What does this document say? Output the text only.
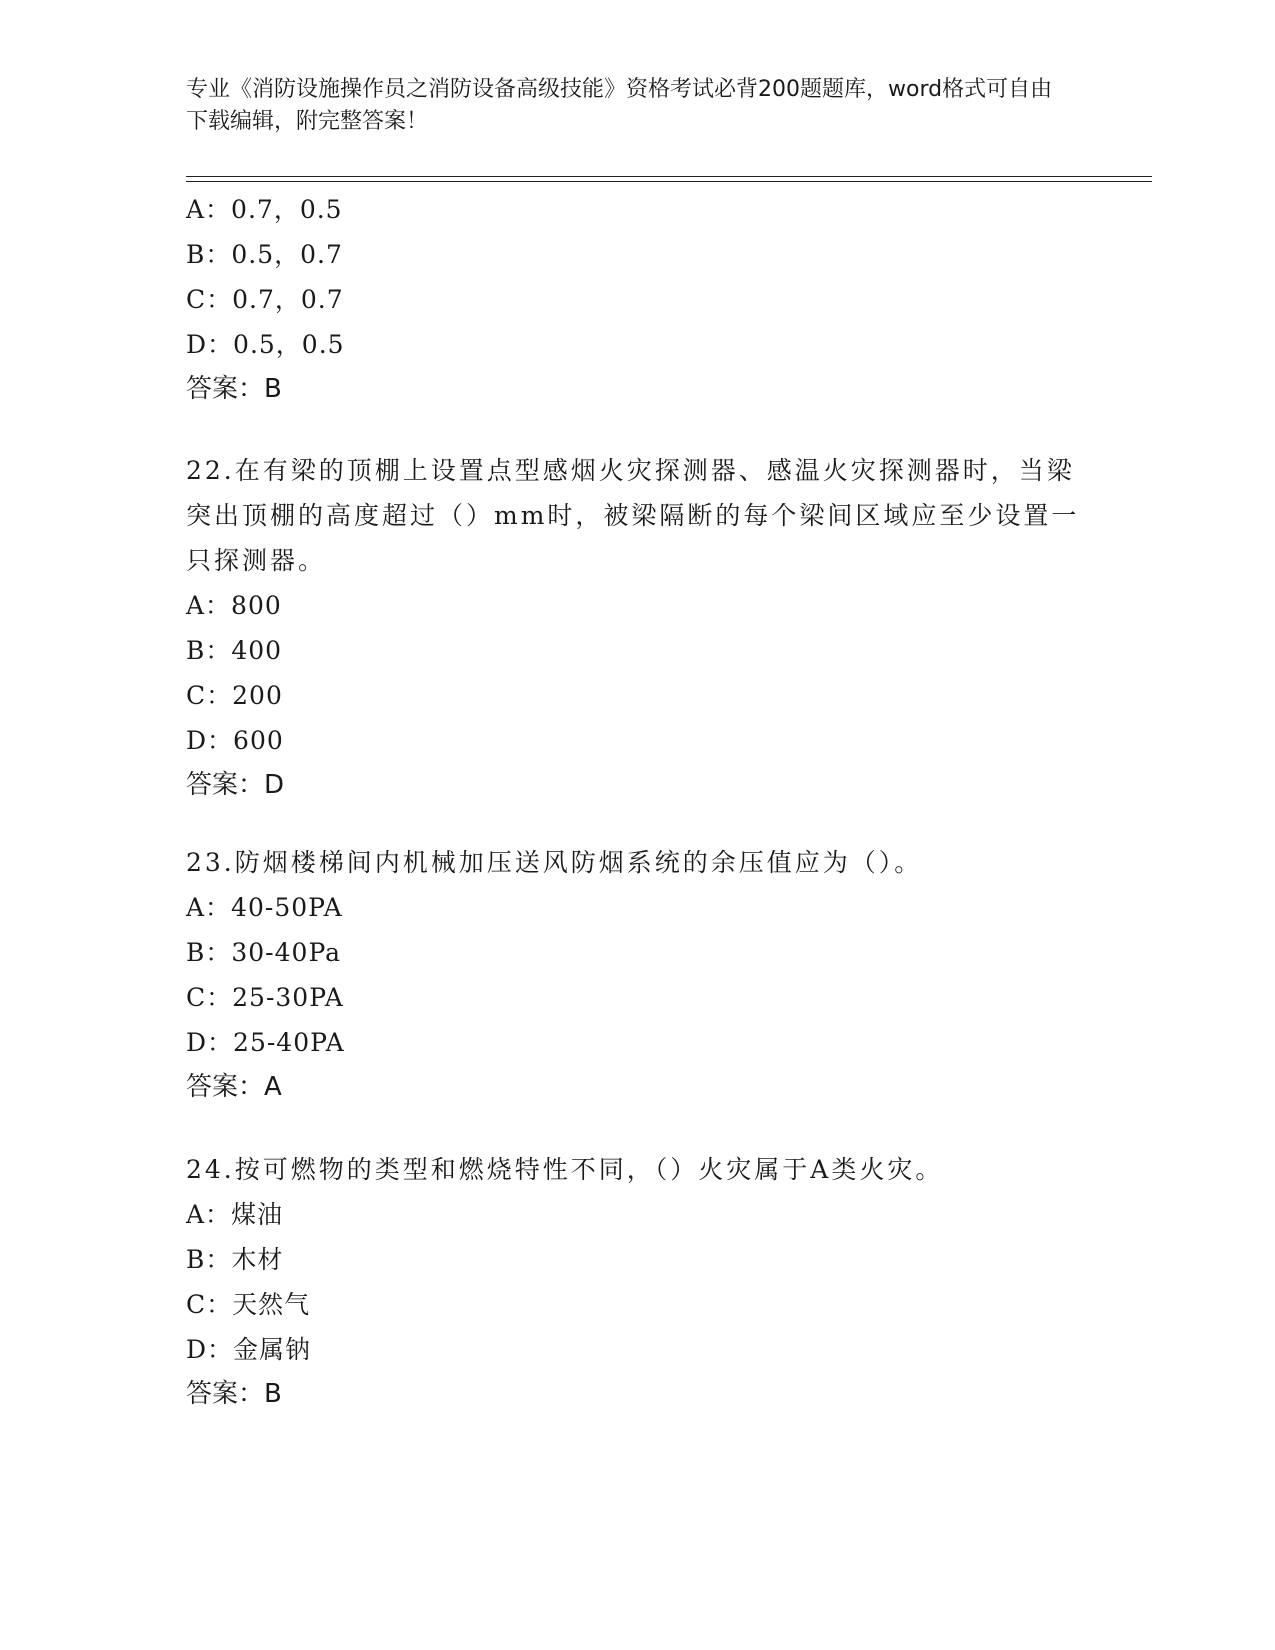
专业《消防设施操作员之消防设备高级技能》资格考试必背200题题库，word格式可自由下载编辑，附完整答案！
A：0.7，0.5
B：0.5，0.7
C：0.7，0.7
D：0.5，0.5
答案：B

22.在有梁的顶棚上设置点型感烟火灾探测器、感温火灾探测器时，当梁突出顶棚的高度超过（）mm时，被梁隔断的每个梁间区域应至少设置一只探测器。

A：800
B：400
C：200
D：600
答案：D

23.防烟楼梯间内机械加压送风防烟系统的余压值应为（）。

A：40-50PA
B：30-40Pa
C：25-30PA
D：25-40PA
答案：A

24.按可燃物的类型和燃烧特性不同，（）火灾属于A类火灾。

A：煤油
B：木材
C：天然气
D：金属钠
答案：B
